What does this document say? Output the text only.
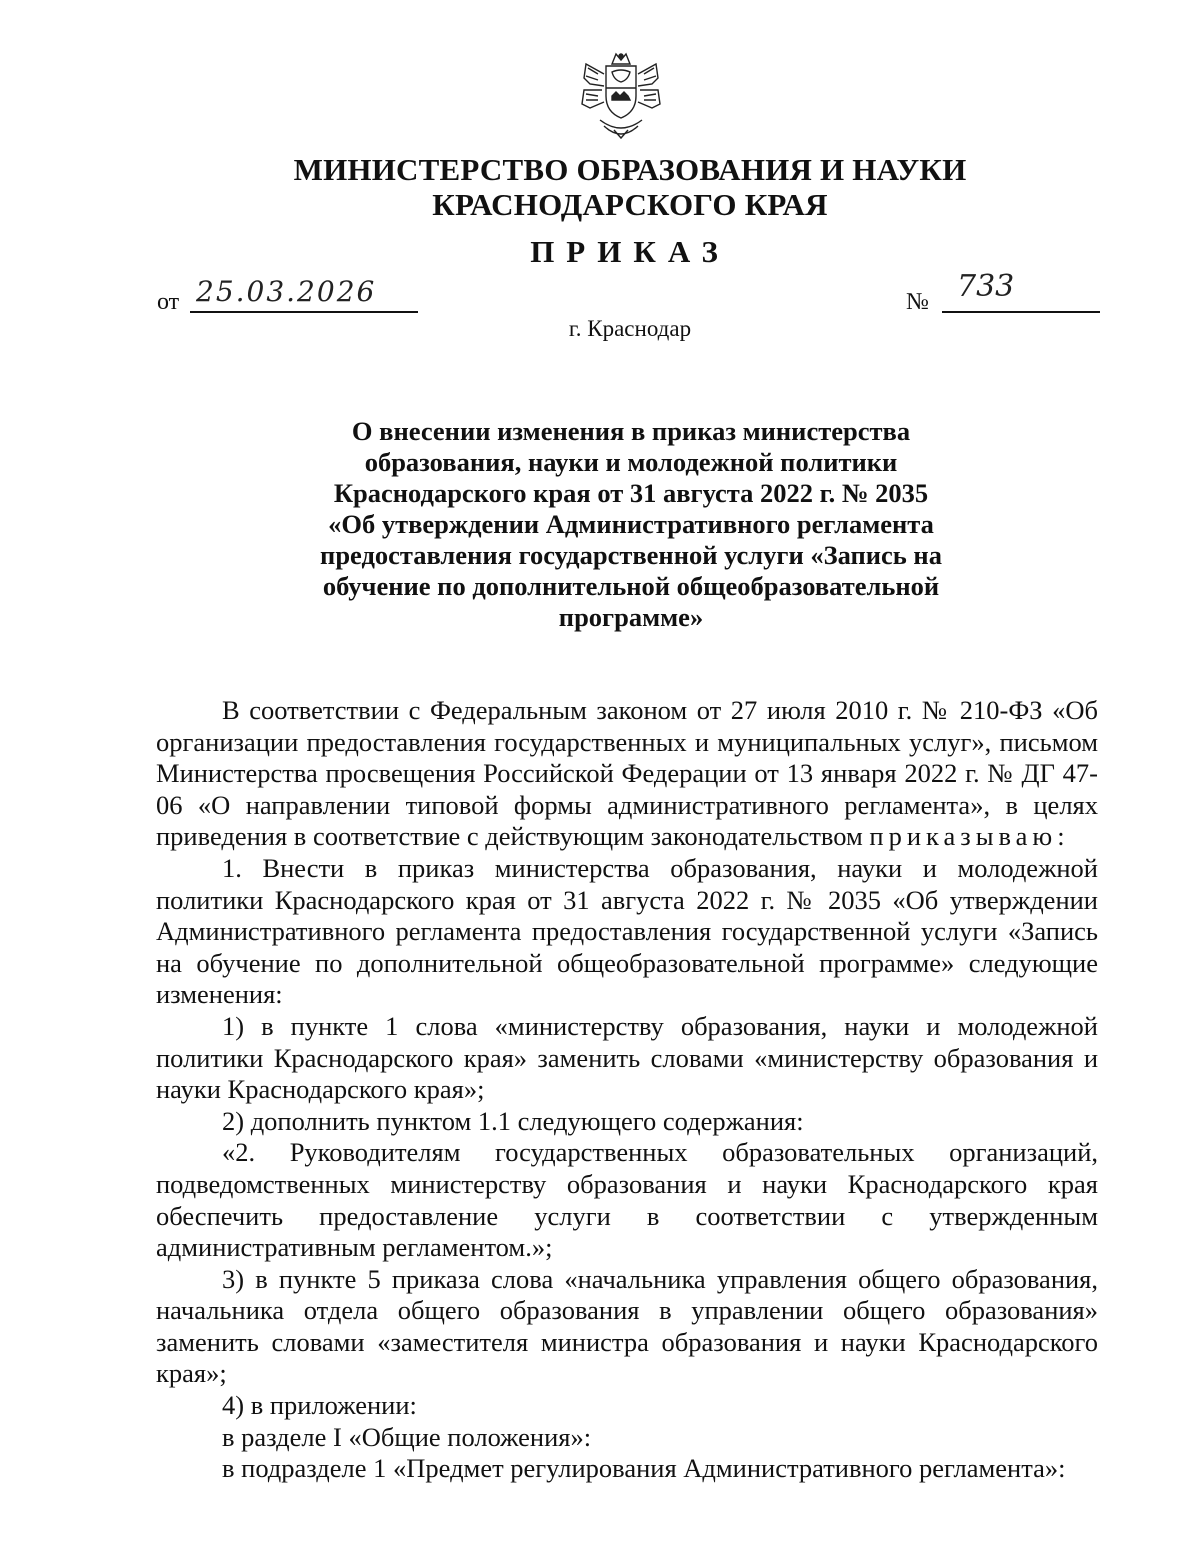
МИНИСТЕРСТВО ОБРАЗОВАНИЯ И НАУКИ
КРАСНОДАРСКОГО КРАЯ
ПРИКАЗ
от 25.03.2026	№ 733
г. Краснодар
О внесении изменения в приказ министерства
образования, науки и молодежной политики
Краснодарского края от 31 августа 2022 г. № 2035
«Об утверждении Административного регламента
предоставления государственной услуги «Запись на
обучение по дополнительной общеобразовательной
программе»

В соответствии с Федеральным законом от 27 июля 2010 г. № 210-ФЗ «Об организации предоставления государственных и муниципальных услуг», письмом Министерства просвещения Российской Федерации от 13 января 2022 г. № ДГ 47-06 «О направлении типовой формы административного регламента», в целях приведения в соответствие с действующим законодательством приказываю:

1. Внести в приказ министерства образования, науки и молодежной политики Краснодарского края от 31 августа 2022 г. № 2035 «Об утверждении Административного регламента предоставления государственной услуги «Запись на обучение по дополнительной общеобразовательной программе» следующие изменения:

1) в пункте 1 слова «министерству образования, науки и молодежной политики Краснодарского края» заменить словами «министерству образования и науки Краснодарского края»;

2) дополнить пунктом 1.1 следующего содержания:

«2. Руководителям государственных образовательных организаций, подведомственных министерству образования и науки Краснодарского края обеспечить предоставление услуги в соответствии с утвержденным административным регламентом.»;

3) в пункте 5 приказа слова «начальника управления общего образования, начальника отдела общего образования в управлении общего образования» заменить словами «заместителя министра образования и науки Краснодарского края»;

4) в приложении:

в разделе I «Общие положения»:

в подразделе 1 «Предмет регулирования Административного регламента»:
